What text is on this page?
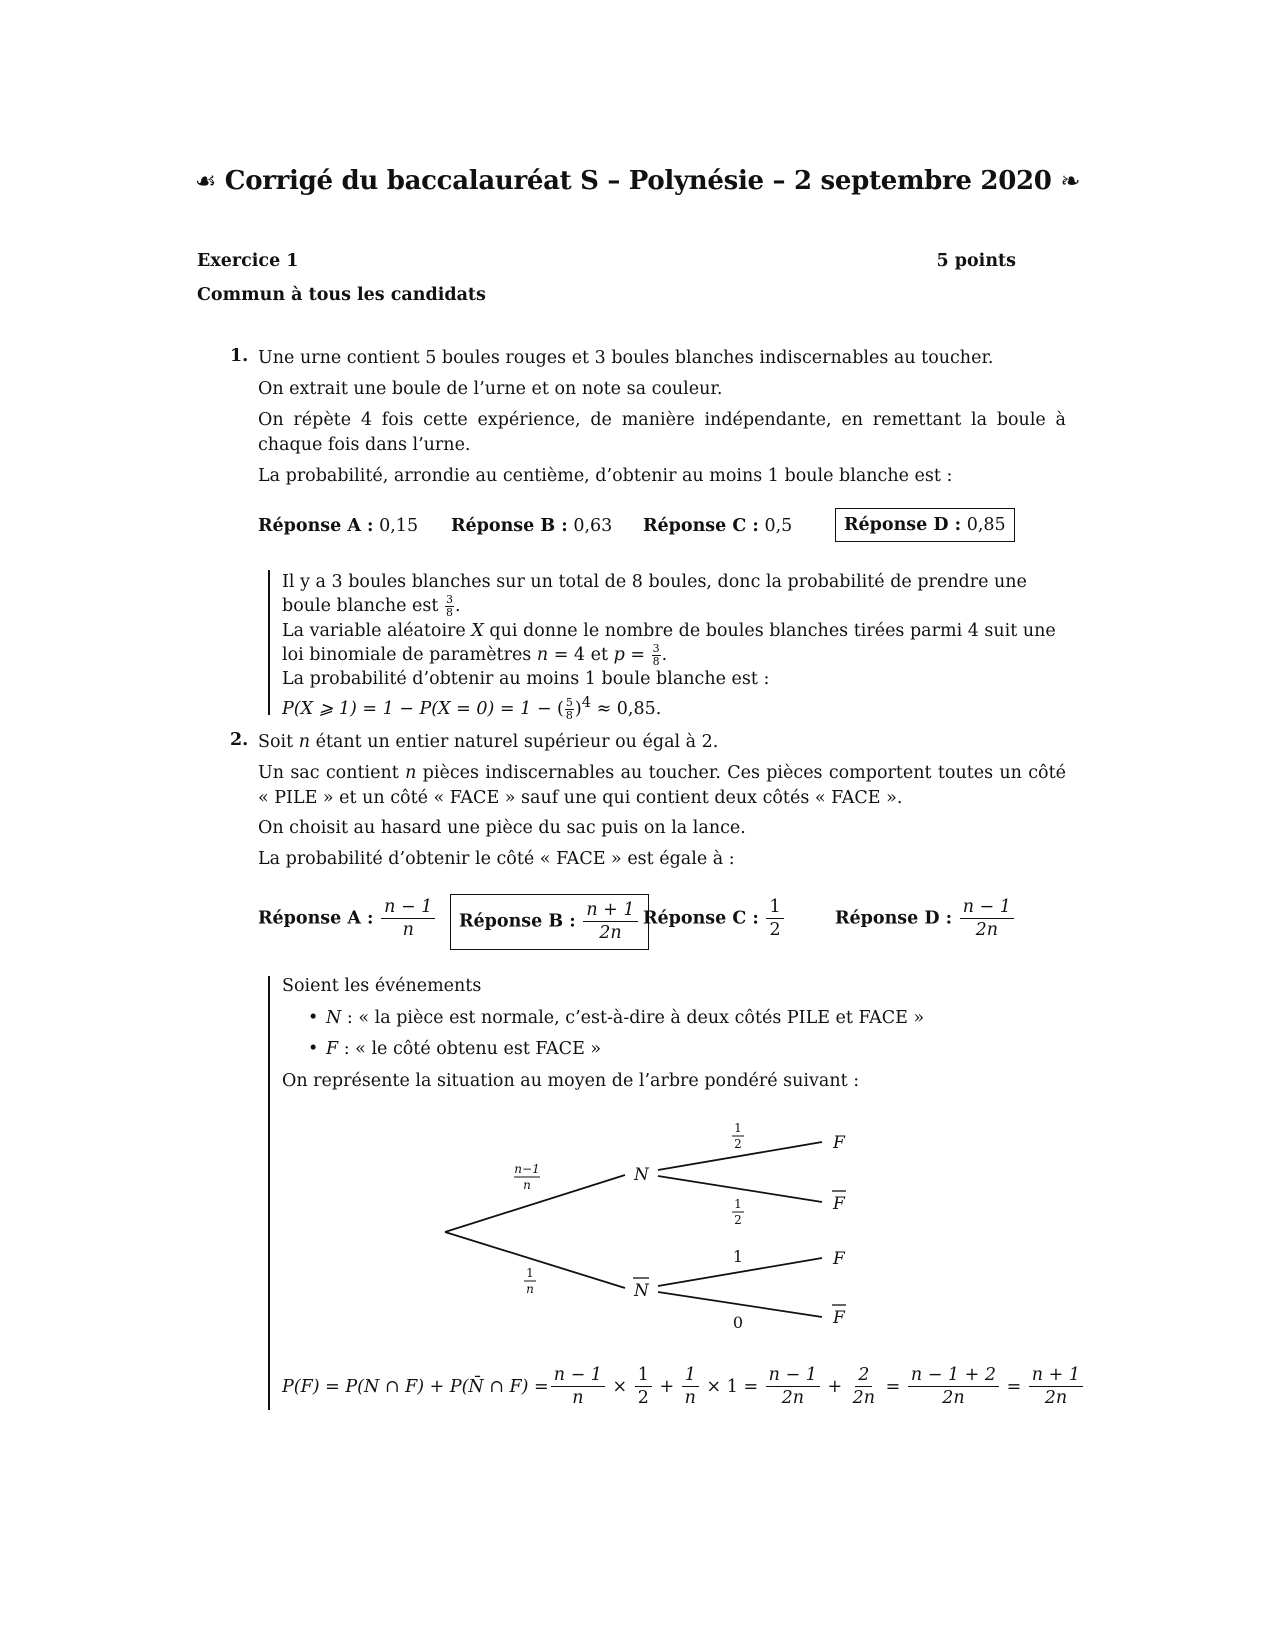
☙ Corrigé du baccalauréat S – Polynésie – 2 septembre 2020 ❧
Exercice 1	5 points
Commun à tous les candidats
1. Une urne contient 5 boules rouges et 3 boules blanches indiscernables au toucher.
On extrait une boule de l’urne et on note sa couleur.
On répète 4 fois cette expérience, de manière indépendante, en remettant la boule à chaque fois dans l’urne.
La probabilité, arrondie au centième, d’obtenir au moins 1 boule blanche est :
Réponse A : 0,15 Réponse B : 0,63 Réponse C : 0,5	Réponse D : 0,85
Il y a 3 boules blanches sur un total de 8 boules, donc la probabilité de prendre une boule blanche est $\frac{3}{8}$ .
La variable aléatoire X qui donne le nombre de boules blanches tirées parmi 4 suit une loi binomiale de paramètres n = 4 et $p = \frac{3}{8}$ .
La probabilité d’obtenir au moins 1 boule blanche est :
P(X ⩾ 1) = 1 − P(X = 0) = 1 − ( $\frac{5}{8} )^4 \approx 0,85$.
2. Soit n étant un entier naturel supérieur ou égal à 2.
Un sac contient n pièces indiscernables au toucher. Ces pièces comportent toutes un côté « PILE » et un côté « FACE » sauf une qui contient deux côtés « FACE ».
On choisit au hasard une pièce du sac puis on la lance.
La probabilité d’obtenir le côté « FACE » est égale à :
Réponse A : $\frac{n - 1}{n}$	Réponse B : $\frac{n + 1}{2n}$ Réponse C : $\frac{1}{2}$	Réponse D : $\frac{n - 1}{2n}$
Soient les événements
• N : « la pièce est normale, c’est-à-dire à deux côtés PILE et FACE »
• F : « le côté obtenu est FACE »
On représente la situation au moyen de l’arbre pondéré suivant :
N
N
F
F
F
F
n−1
n
1
n
1
2
1
2
1
0
P(F) = P(N ∩ F) + P(N̄ ∩ $F) = \frac{n - 1}{n} \times \frac{1}{2} + \frac{1}{n} \times 1 = \frac{n - 1}{2n} + \frac{2}{2n} = \frac{n - 1 + 2}{2n} = \frac{n + 1}{2n}$
